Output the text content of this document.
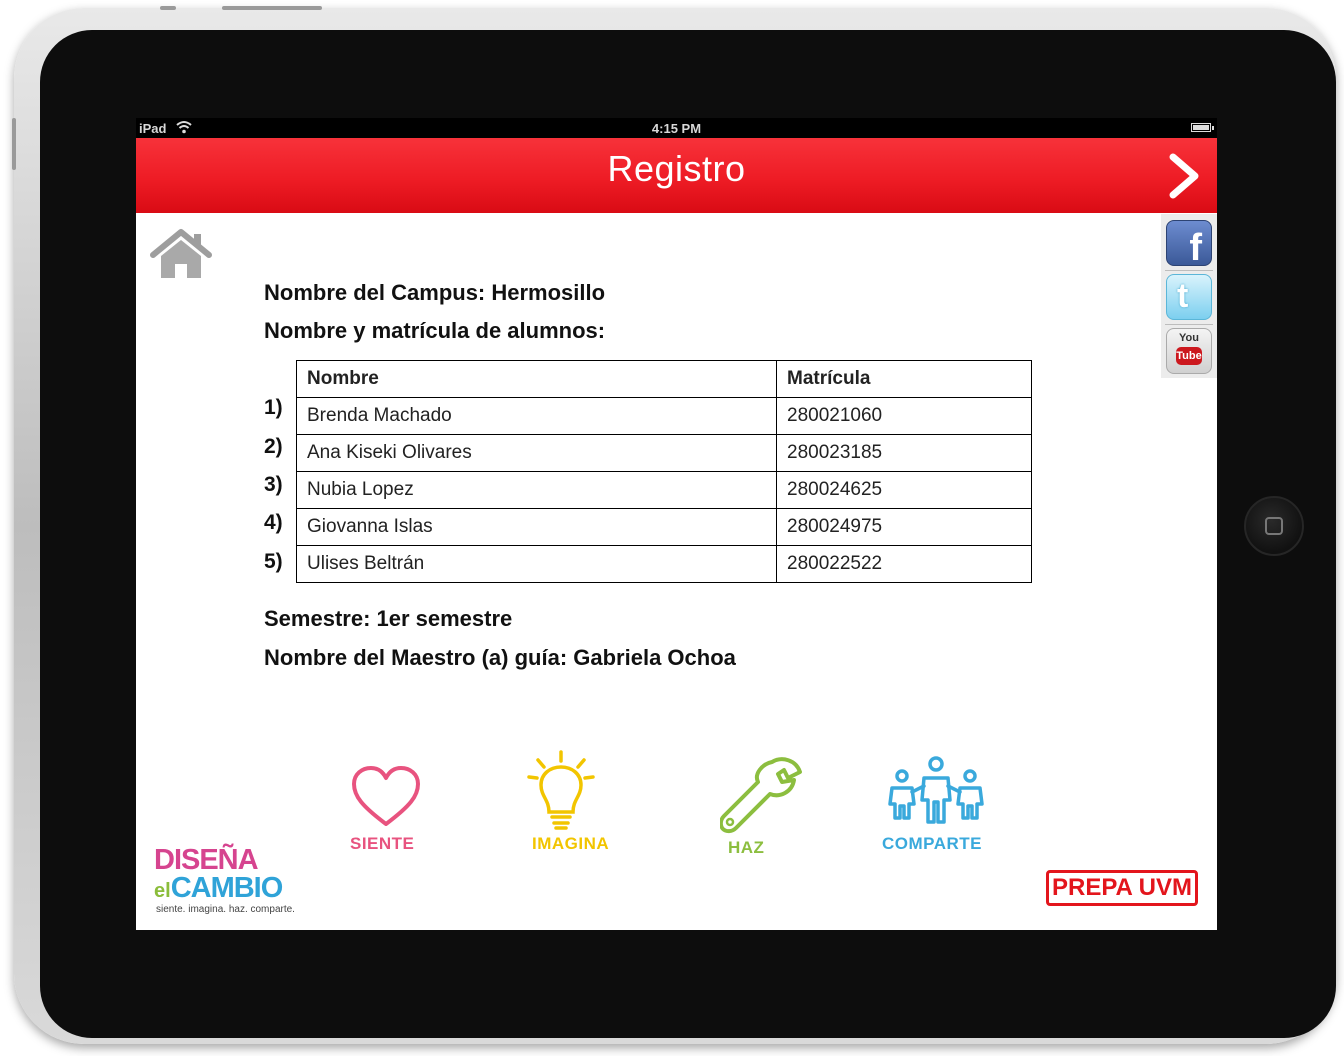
iPad	4:15 PM
Registro
f
t
You
Tube
Nombre del Campus: Hermosillo
Nombre y matrícula de alumnos:
1)
2)
3)
4)
5)
Nombre	Matrícula
Brenda Machado	280021060
Ana Kiseki Olivares	280023185
Nubia Lopez	280024625
Giovanna Islas	280024975
Ulises Beltrán	280022522
Semestre: 1er semestre
Nombre del Maestro (a) guía: Gabriela Ochoa
SIENTE	IMAGINA	HAZ	COMPARTE
DISEÑA
elCAMBIO
siente. imagina. haz. comparte.
PREPA UVM
